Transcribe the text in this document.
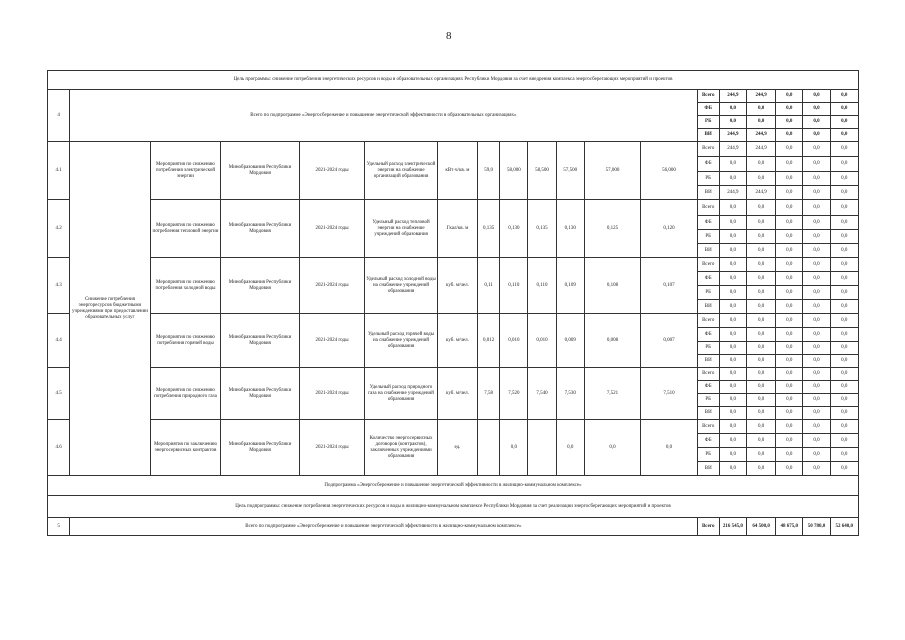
8
Цель программы: снижение потребления энергетических ресурсов и воды в образовательных организациях Республики Мордовия за счет внедрения комплекса энергосберегающих мероприятий и проектов																		
4	Всего по подпрограмме «Энергосбережение и повышение энергетической эффективности в образовательных организациях»												Всего	244,9	244,9	0,0	0,0	0,0
													ФБ	0,0	0,0	0,0	0,0	0,0
													РБ	0,0	0,0	0,0	0,0	0,0
													ВИ	244,9	244,9	0,0	0,0	0,0
4.1	Снижение потребления энергоресурсов бюджетными учреждениями при предоставлении образовательных услуг	Мероприятия по снижению потребления электрической энергии	Минобразования Республики Мордовия	2021-2024 годы	Удельный расход электрической энергии на снабжение организаций образования	кВт·ч/кв. м	59,0	58,000	58,500	57,500	57,000	56,000	Всего	244,9	244,9	0,0	0,0	0,0
													ФБ	0,0	0,0	0,0	0,0	0,0
													РБ	0,0	0,0	0,0	0,0	0,0
													ВИ	244,9	244,9	0,0	0,0	0,0
4.2		Мероприятия по снижению потребления тепловой энергии	Минобразования Республики Мордовия	2021-2024 годы	Удельный расход тепловой энергии на снабжение учреждений образования	Гкал/кв. м	0,135	0,130	0,135	0,130	0,125	0,120	Всего	0,0	0,0	0,0	0,0	0,0
													ФБ	0,0	0,0	0,0	0,0	0,0
													РБ	0,0	0,0	0,0	0,0	0,0
													ВИ	0,0	0,0	0,0	0,0	0,0
4.3		Мероприятия по снижению потребления холодной воды	Минобразования Республики Мордовия	2021-2024 годы	Удельный расход холодной воды на снабжение учреждений образования	куб. м/чел.	0,11	0,110	0,110	0,109	0,108	0,107	Всего	0,0	0,0	0,0	0,0	0,0
													ФБ	0,0	0,0	0,0	0,0	0,0
													РБ	0,0	0,0	0,0	0,0	0,0
													ВИ	0,0	0,0	0,0	0,0	0,0
4.4		Мероприятия по снижению потребления горячей воды	Минобразования Республики Мордовия	2021-2024 годы	Удельный расход горячей воды на снабжение учреждений образования	куб. м/чел.	0,012	0,010	0,010	0,009	0,008	0,007	Всего	0,0	0,0	0,0	0,0	0,0
													ФБ	0,0	0,0	0,0	0,0	0,0
													РБ	0,0	0,0	0,0	0,0	0,0
													ВИ	0,0	0,0	0,0	0,0	0,0
4.5		Мероприятия по снижению потребления природного газа	Минобразования Республики Мордовия	2021-2024 годы	Удельный расход природного газа на снабжение учреждений образования	куб. м/чел.	7,58	7,520	7,540	7,530	7,521	7,510	Всего	0,0	0,0	0,0	0,0	0,0
													ФБ	0,0	0,0	0,0	0,0	0,0
													РБ	0,0	0,0	0,0	0,0	0,0
													ВИ	0,0	0,0	0,0	0,0	0,0
4.6		Мероприятия по заключению энергосервисных контрактов	Минобразования Республики Мордовия	2021-2024 годы	Количество энергосервисных договоров (контрактов), заключенных учреждениями образования	ед.		0,0		0,0	0,0	0,0	Всего	0,0	0,0	0,0	0,0	0,0
													ФБ	0,0	0,0	0,0	0,0	0,0
													РБ	0,0	0,0	0,0	0,0	0,0
													ВИ	0,0	0,0	0,0	0,0	0,0
Подпрограмма «Энергосбережение и повышение энергетической эффективности в жилищно-коммунальном комплексе»																		
Цель подпрограммы: снижение потребления энергетических ресурсов и воды в жилищно-коммунальном комплексе Республики Мордовия за счет реализации энергосберегающих мероприятий и проектов																		
5	Всего по подпрограмме «Энергосбережение и повышение энергетической эффективности в жилищно-коммунальном комплексе»												Всего	216 545,0	64 500,0	48 675,0	50 780,0	52 640,0
